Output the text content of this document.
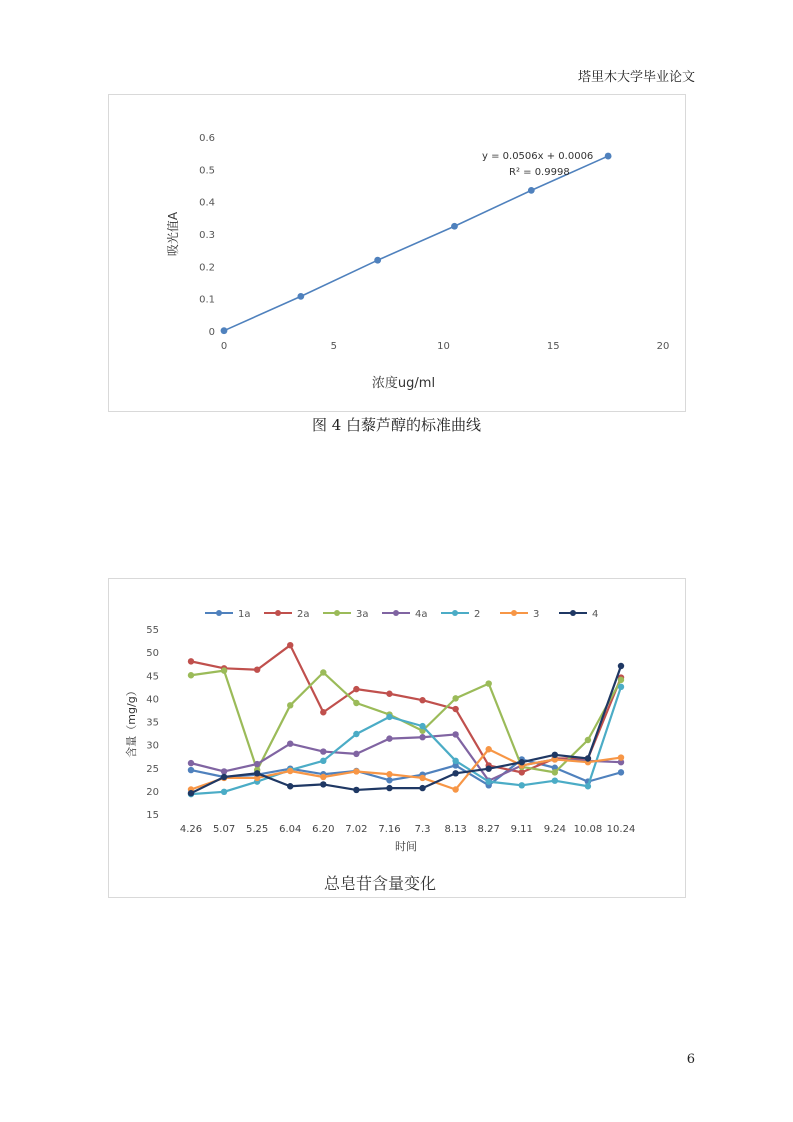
塔里木大学毕业论文
0
0.1
0.2
0.3
0.4
0.5
0.6
0	5	10	15	20
y = 0.0506x + 0.0006
R² = 0.9998
吸光值A
浓度ug/ml
图 4 白藜芦醇的标准曲线
1a	2a	3a	4a	2	3	4
15
20
25
30
35
40
45
50
55
4.26 5.07 5.25 6.04 6.20 7.02 7.16 7.3 8.13 8.27 9.11 9.24 10.08 10.24
含量（mg/g）
时间
总皂苷含量变化
6
